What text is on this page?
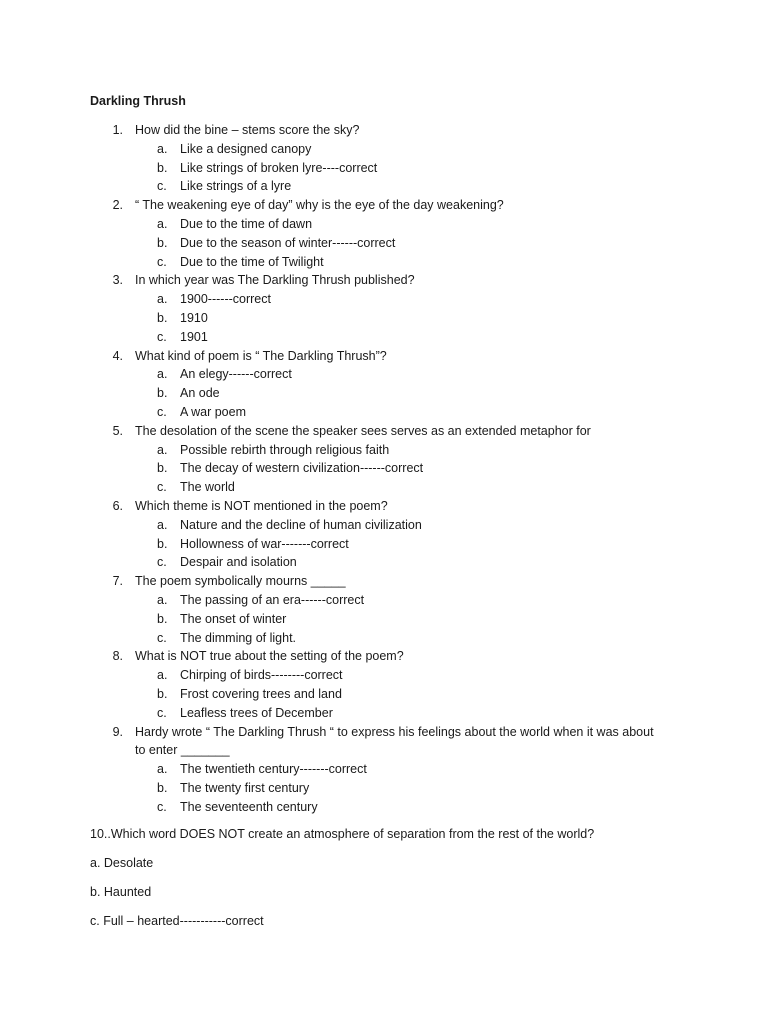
Darkling Thrush
1. How did the bine – stems score the sky?
a. Like a designed canopy
b. Like strings of broken lyre----correct
c. Like strings of a lyre
2. “ The weakening eye of day” why is the eye of the day weakening?
a. Due to the time of dawn
b. Due to the season of winter------correct
c. Due to the time of Twilight
3. In which year was The Darkling Thrush published?
a. 1900------correct
b. 1910
c. 1901
4. What kind of poem is “ The Darkling Thrush”?
a. An elegy------correct
b. An ode
c. A war poem
5. The desolation of the scene the speaker sees serves as an extended metaphor for
a. Possible rebirth through religious faith
b. The decay of western civilization------correct
c. The world
6. Which theme is NOT mentioned in the poem?
a. Nature and the decline of human civilization
b. Hollowness of war-------correct
c. Despair and isolation
7. The poem symbolically mourns _____
a. The passing of an era------correct
b. The onset of winter
c. The dimming of light.
8. What is NOT true about the setting of the poem?
a. Chirping of birds--------correct
b. Frost covering trees and land
c. Leafless trees of December
9. Hardy wrote “ The Darkling Thrush “ to express his feelings about the world when it was about
to enter _______
a. The twentieth century-------correct
b. The twenty first century
c. The seventeenth century
10..Which word DOES NOT create an atmosphere of separation from the rest of the world?
a. Desolate
b. Haunted
c. Full – hearted-----------correct
